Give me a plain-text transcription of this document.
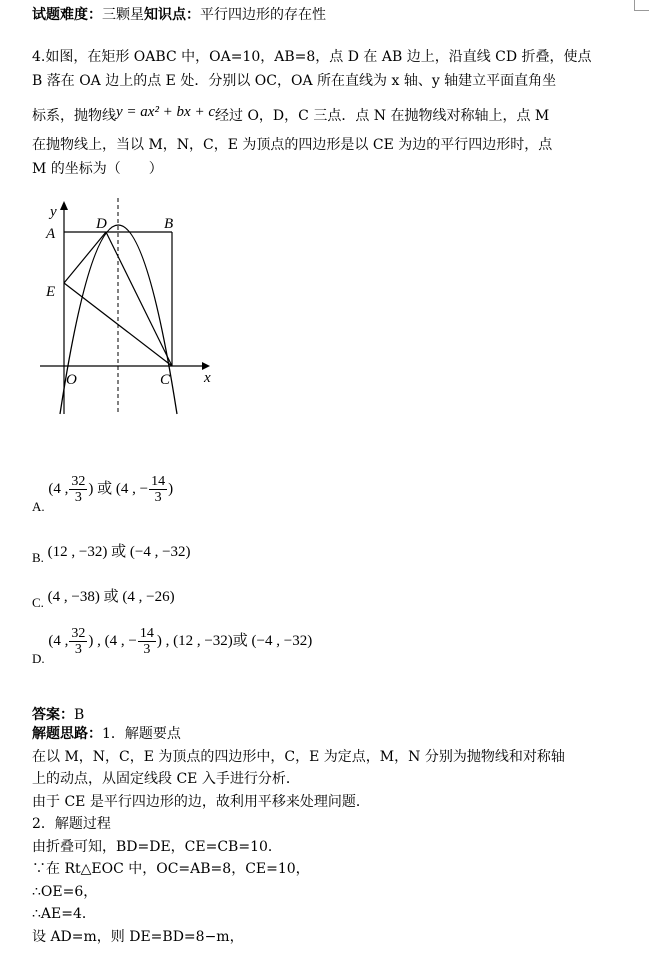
试题难度：三颗星知识点：平行四边形的存在性
4.如图，在矩形 OABC 中，OA=10，AB=8，点 D 在 AB 边上，沿直线 CD 折叠，使点
B 落在 OA 边上的点 E 处．分别以 OC，OA 所在直线为 x 轴、y 轴建立平面直角坐
标系，抛物线y = ax² + bx + c经过 O，D，C 三点．点 N 在抛物线对称轴上，点 M
在抛物线上，当以 M，N，C，E 为顶点的四边形是以 CE 为边的平行四边形时，点
M 的坐标为（　　）
y
x
A
D	B
E
O	C
A. (4 , $\frac{32}{3}$ ) 或 (4 , − $\frac{14}{3}$ )
B. (12 , −32) 或 (−4 , −32)
C. (4 , −38) 或 (4 , −26)
D. (4 , $\frac{32}{3}$ ) , (4 , − $\frac{14}{3}$ ) , (12 , −32)或 (−4 , −32)
答案：B
解题思路：1．解题要点
在以 M，N，C，E 为顶点的四边形中，C，E 为定点，M，N 分别为抛物线和对称轴
上的动点，从固定线段 CE 入手进行分析．
由于 CE 是平行四边形的边，故利用平移来处理问题．
2．解题过程
由折叠可知，BD=DE，CE=CB=10．
∵在 Rt△EOC 中，OC=AB=8，CE=10，
∴OE=6，
∴AE=4．
设 AD=m，则 DE=BD=8−m，
